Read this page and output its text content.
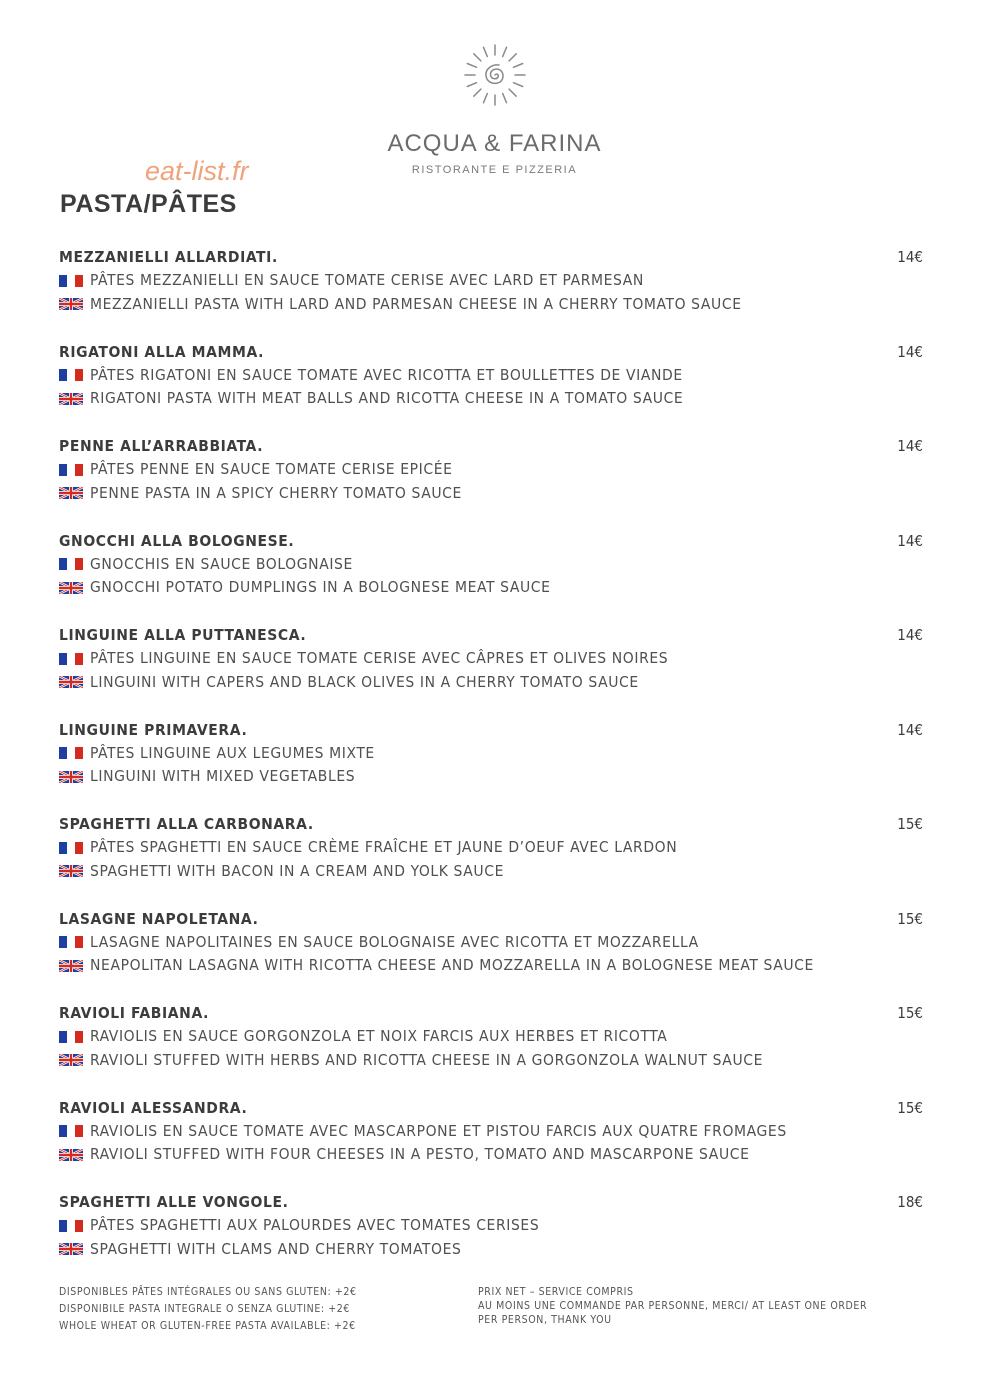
ACQUA & FARINA
RISTORANTE E PIZZERIA
eat-list.fr
PASTA/PÂTES
MEZZANIELLI ALLARDIATI.	14€
PÂTES MEZZANIELLI EN SAUCE TOMATE CERISE AVEC LARD ET PARMESAN
MEZZANIELLI PASTA WITH LARD AND PARMESAN CHEESE IN A CHERRY TOMATO SAUCE
RIGATONI ALLA MAMMA.	14€
PÂTES RIGATONI EN SAUCE TOMATE AVEC RICOTTA ET BOULLETTES DE VIANDE
RIGATONI PASTA WITH MEAT BALLS AND RICOTTA CHEESE IN A TOMATO SAUCE
PENNE ALL’ARRABBIATA.	14€
PÂTES PENNE EN SAUCE TOMATE CERISE EPICÉE
PENNE PASTA IN A SPICY CHERRY TOMATO SAUCE
GNOCCHI ALLA BOLOGNESE.	14€
GNOCCHIS EN SAUCE BOLOGNAISE
GNOCCHI POTATO DUMPLINGS IN A BOLOGNESE MEAT SAUCE
LINGUINE ALLA PUTTANESCA.	14€
PÂTES LINGUINE EN SAUCE TOMATE CERISE AVEC CÂPRES ET OLIVES NOIRES
LINGUINI WITH CAPERS AND BLACK OLIVES IN A CHERRY TOMATO SAUCE
LINGUINE PRIMAVERA.	14€
PÂTES LINGUINE AUX LEGUMES MIXTE
LINGUINI WITH MIXED VEGETABLES
SPAGHETTI ALLA CARBONARA.	15€
PÂTES SPAGHETTI EN SAUCE CRÈME FRAÎCHE ET JAUNE D’OEUF AVEC LARDON
SPAGHETTI WITH BACON IN A CREAM AND YOLK SAUCE
LASAGNE NAPOLETANA.	15€
LASAGNE NAPOLITAINES EN SAUCE BOLOGNAISE AVEC RICOTTA ET MOZZARELLA
NEAPOLITAN LASAGNA WITH RICOTTA CHEESE AND MOZZARELLA IN A BOLOGNESE MEAT SAUCE
RAVIOLI FABIANA.	15€
RAVIOLIS EN SAUCE GORGONZOLA ET NOIX FARCIS AUX HERBES ET RICOTTA
RAVIOLI STUFFED WITH HERBS AND RICOTTA CHEESE IN A GORGONZOLA WALNUT SAUCE
RAVIOLI ALESSANDRA.	15€
RAVIOLIS EN SAUCE TOMATE AVEC MASCARPONE ET PISTOU FARCIS AUX QUATRE FROMAGES
RAVIOLI STUFFED WITH FOUR CHEESES IN A PESTO, TOMATO AND MASCARPONE SAUCE
SPAGHETTI ALLE VONGOLE.	18€
PÂTES SPAGHETTI AUX PALOURDES AVEC TOMATES CERISES
SPAGHETTI WITH CLAMS AND CHERRY TOMATOES
DISPONIBLES PÂTES INTÉGRALES OU SANS GLUTEN: +2€
DISPONIBILE PASTA INTEGRALE O SENZA GLUTINE: +2€
WHOLE WHEAT OR GLUTEN-FREE PASTA AVAILABLE: +2€
PRIX NET – SERVICE COMPRIS
AU MOINS UNE COMMANDE PAR PERSONNE, MERCI/ AT LEAST ONE ORDER
PER PERSON, THANK YOU
